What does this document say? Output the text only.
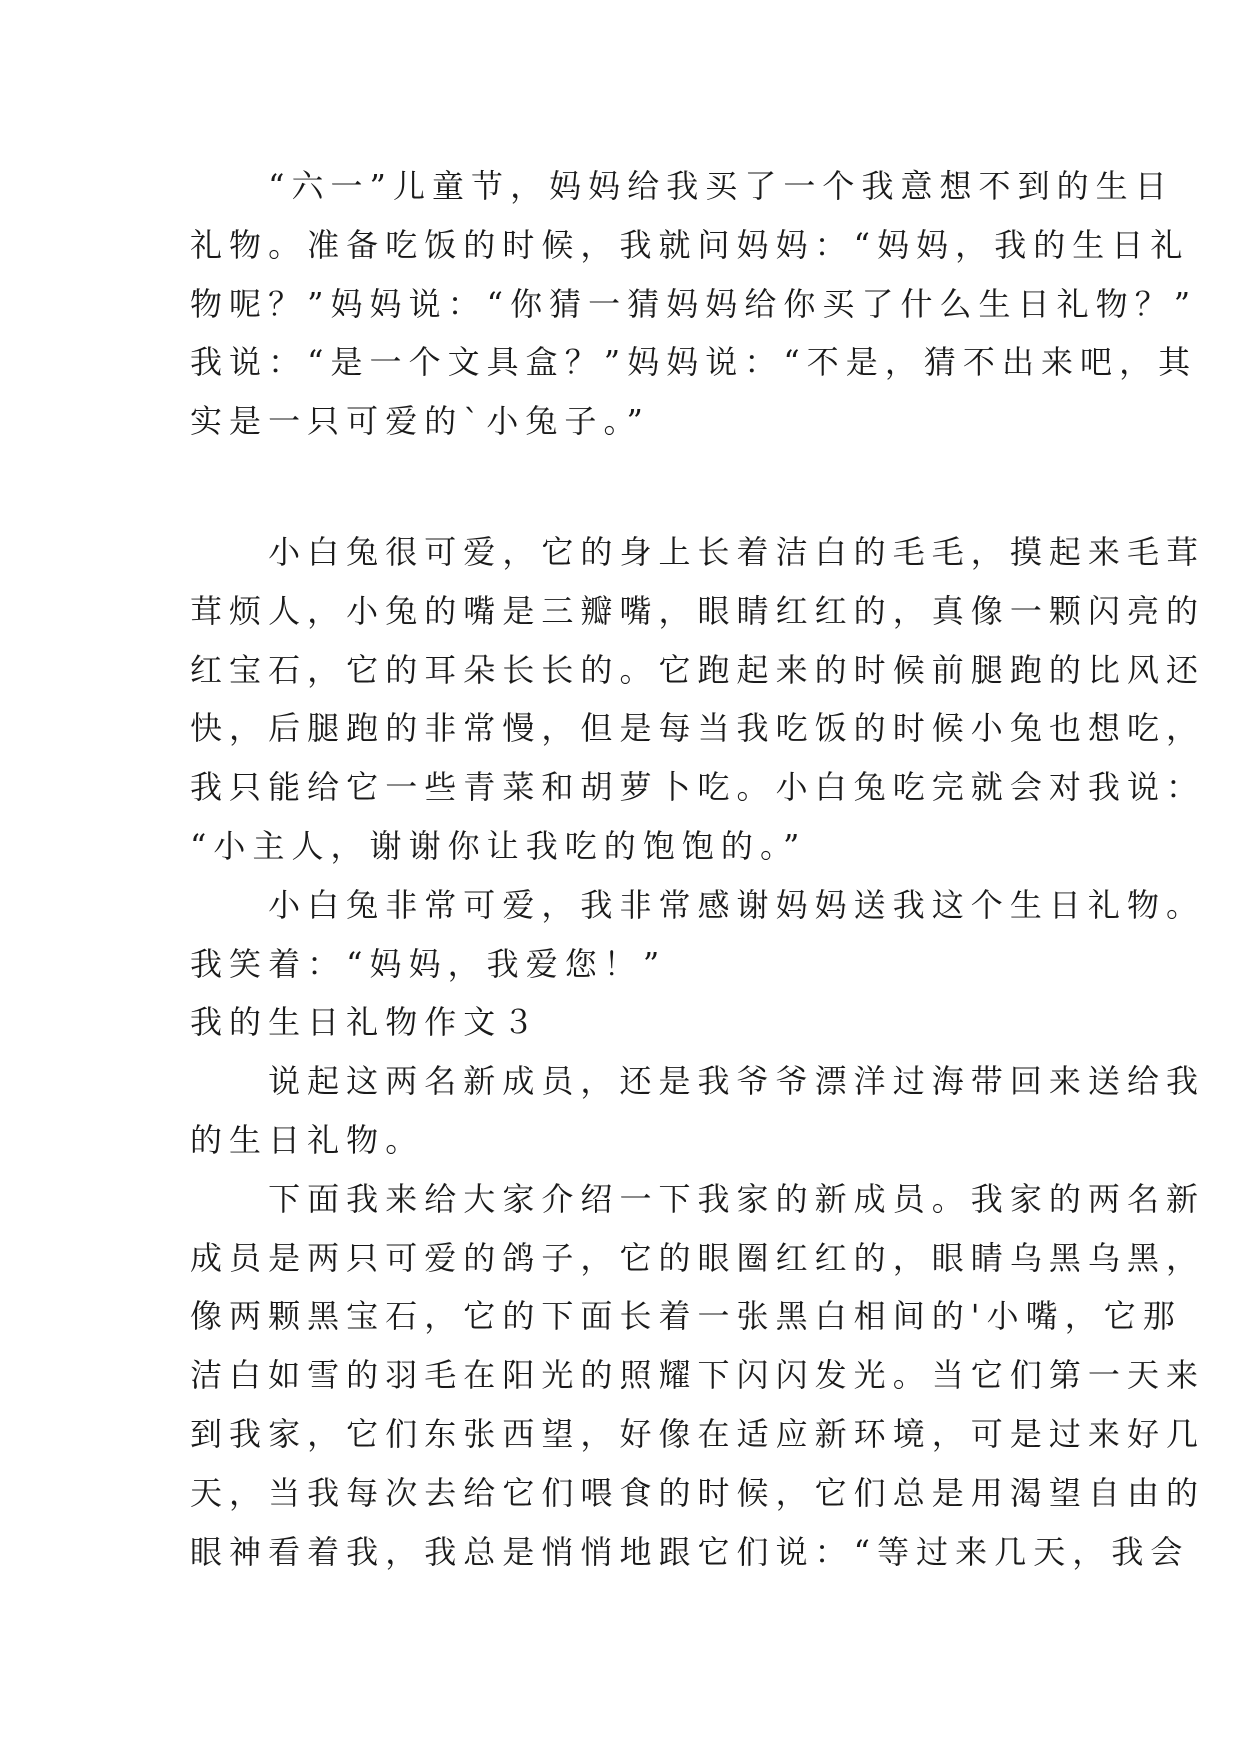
　　“六一”儿童节，妈妈给我买了一个我意想不到的生日
礼物。准备吃饭的时候，我就问妈妈：“妈妈，我的生日礼
物呢？”妈妈说：“你猜一猜妈妈给你买了什么生日礼物？”
我说：“是一个文具盒？”妈妈说：“不是，猜不出来吧，其
实是一只可爱的`小兔子。”
　　小白兔很可爱，它的身上长着洁白的毛毛，摸起来毛茸
茸烦人，小兔的嘴是三瓣嘴，眼睛红红的，真像一颗闪亮的
红宝石，它的耳朵长长的。它跑起来的时候前腿跑的比风还
快，后腿跑的非常慢，但是每当我吃饭的时候小兔也想吃，
我只能给它一些青菜和胡萝卜吃。小白兔吃完就会对我说：
“小主人，谢谢你让我吃的饱饱的。”
　　小白兔非常可爱，我非常感谢妈妈送我这个生日礼物。
我笑着：“妈妈，我爱您！”
我的生日礼物作文３
　　说起这两名新成员，还是我爷爷漂洋过海带回来送给我
的生日礼物。
　　下面我来给大家介绍一下我家的新成员。我家的两名新
成员是两只可爱的鸽子，它的眼圈红红的，眼睛乌黑乌黑，
像两颗黑宝石，它的下面长着一张黑白相间的'小嘴，它那
洁白如雪的羽毛在阳光的照耀下闪闪发光。当它们第一天来
到我家，它们东张西望，好像在适应新环境，可是过来好几
天，当我每次去给它们喂食的时候，它们总是用渴望自由的
眼神看着我，我总是悄悄地跟它们说：“等过来几天，我会
